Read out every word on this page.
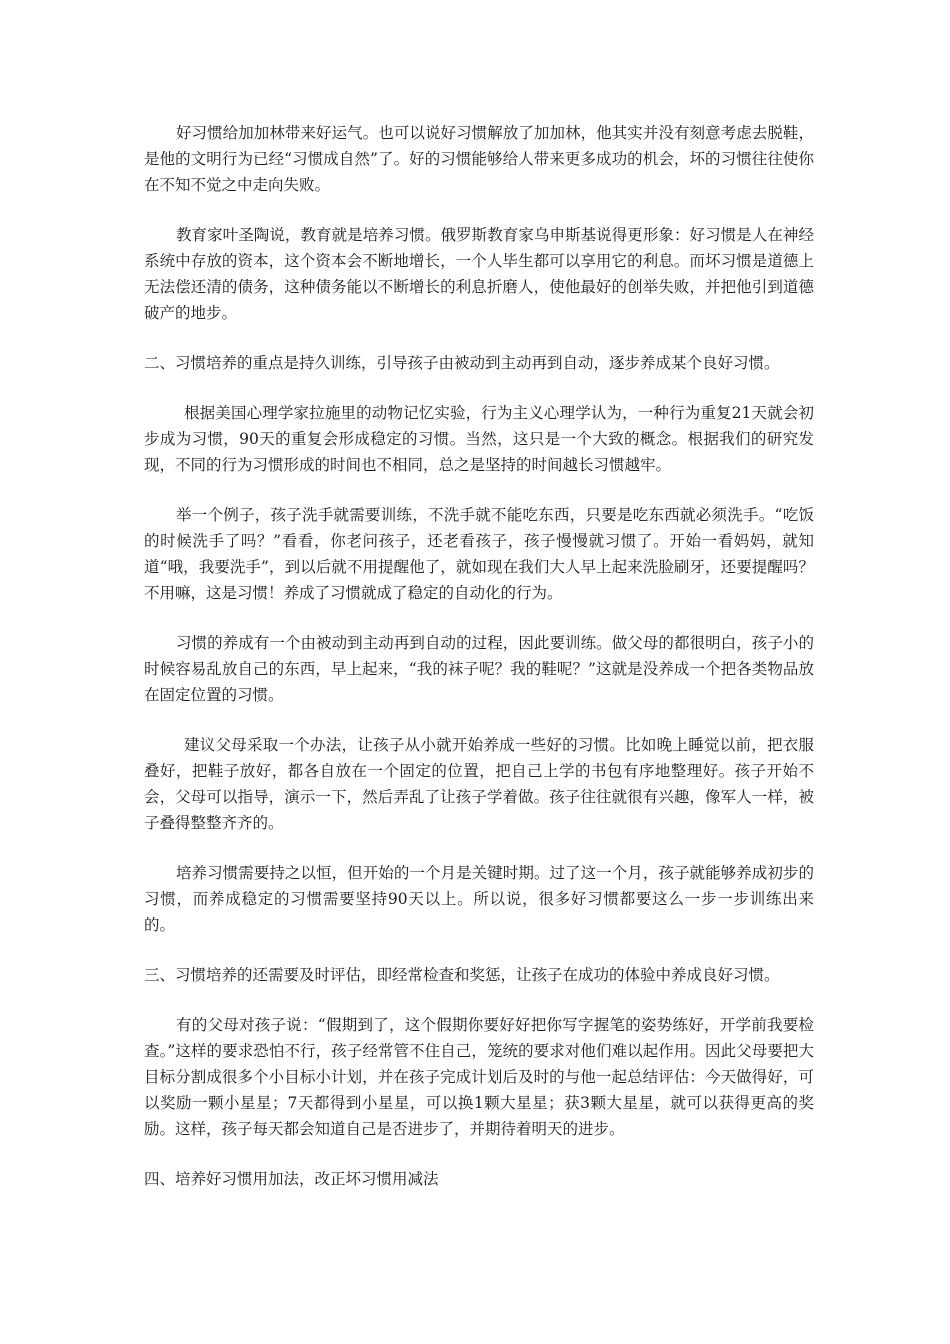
好习惯给加加林带来好运气。也可以说好习惯解放了加加林，他其实并没有刻意考虑去脱鞋，是他的文明行为已经“习惯成自然”了。好的习惯能够给人带来更多成功的机会，坏的习惯往往使你在不知不觉之中走向失败。

教育家叶圣陶说，教育就是培养习惯。俄罗斯教育家乌申斯基说得更形象：好习惯是人在神经系统中存放的资本，这个资本会不断地增长，一个人毕生都可以享用它的利息。而坏习惯是道德上无法偿还清的债务，这种债务能以不断增长的利息折磨人，使他最好的创举失败，并把他引到道德破产的地步。

二、习惯培养的重点是持久训练，引导孩子由被动到主动再到自动，逐步养成某个良好习惯。

根据美国心理学家拉施里的动物记忆实验，行为主义心理学认为，一种行为重复21天就会初步成为习惯，90天的重复会形成稳定的习惯。当然，这只是一个大致的概念。根据我们的研究发现，不同的行为习惯形成的时间也不相同，总之是坚持的时间越长习惯越牢。

举一个例子，孩子洗手就需要训练，不洗手就不能吃东西，只要是吃东西就必须洗手。“吃饭的时候洗手了吗？”看看，你老问孩子，还老看孩子，孩子慢慢就习惯了。开始一看妈妈，就知道“哦，我要洗手”，到以后就不用提醒他了，就如现在我们大人早上起来洗脸刷牙，还要提醒吗？不用嘛，这是习惯！养成了习惯就成了稳定的自动化的行为。

习惯的养成有一个由被动到主动再到自动的过程，因此要训练。做父母的都很明白，孩子小的时候容易乱放自己的东西，早上起来，“我的袜子呢？我的鞋呢？”这就是没养成一个把各类物品放在固定位置的习惯。

建议父母采取一个办法，让孩子从小就开始养成一些好的习惯。比如晚上睡觉以前，把衣服叠好，把鞋子放好，都各自放在一个固定的位置，把自己上学的书包有序地整理好。孩子开始不会，父母可以指导，演示一下，然后弄乱了让孩子学着做。孩子往往就很有兴趣，像军人一样，被子叠得整整齐齐的。

培养习惯需要持之以恒，但开始的一个月是关键时期。过了这一个月，孩子就能够养成初步的习惯，而养成稳定的习惯需要坚持90天以上。所以说，很多好习惯都要这么一步一步训练出来的。

三、习惯培养的还需要及时评估，即经常检查和奖惩，让孩子在成功的体验中养成良好习惯。

有的父母对孩子说：“假期到了，这个假期你要好好把你写字握笔的姿势练好，开学前我要检查。”这样的要求恐怕不行，孩子经常管不住自己，笼统的要求对他们难以起作用。因此父母要把大目标分割成很多个小目标小计划，并在孩子完成计划后及时的与他一起总结评估：今天做得好，可以奖励一颗小星星；7天都得到小星星，可以换1颗大星星；获3颗大星星，就可以获得更高的奖励。这样，孩子每天都会知道自己是否进步了，并期待着明天的进步。

四、培养好习惯用加法，改正坏习惯用减法
